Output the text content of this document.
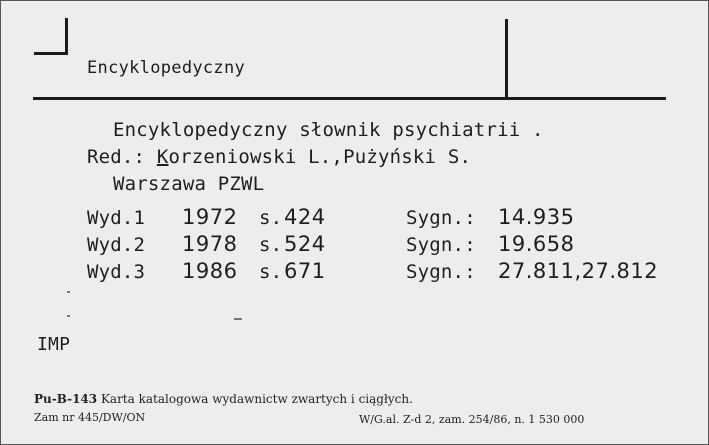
Encyklopedyczny
Encyklopedyczny słownik psychiatrii .
Red.: Korzeniowski L.,Pużyński S.
Warszawa PZWL
Wyd.1 1972 s. 424	Sygn.: 14.935
Wyd.2 1978 s. 524	Sygn.: 19.658
Wyd.3 1986 s. 671	Sygn.: 27.811,27.812
IMP
Pu-B-143 Karta katalogowa wydawnictw zwartych i ciągłych.
Zam nr 445/DW/ON	W/G.al. Z-d 2, zam. 254/86, n. 1 530 000
